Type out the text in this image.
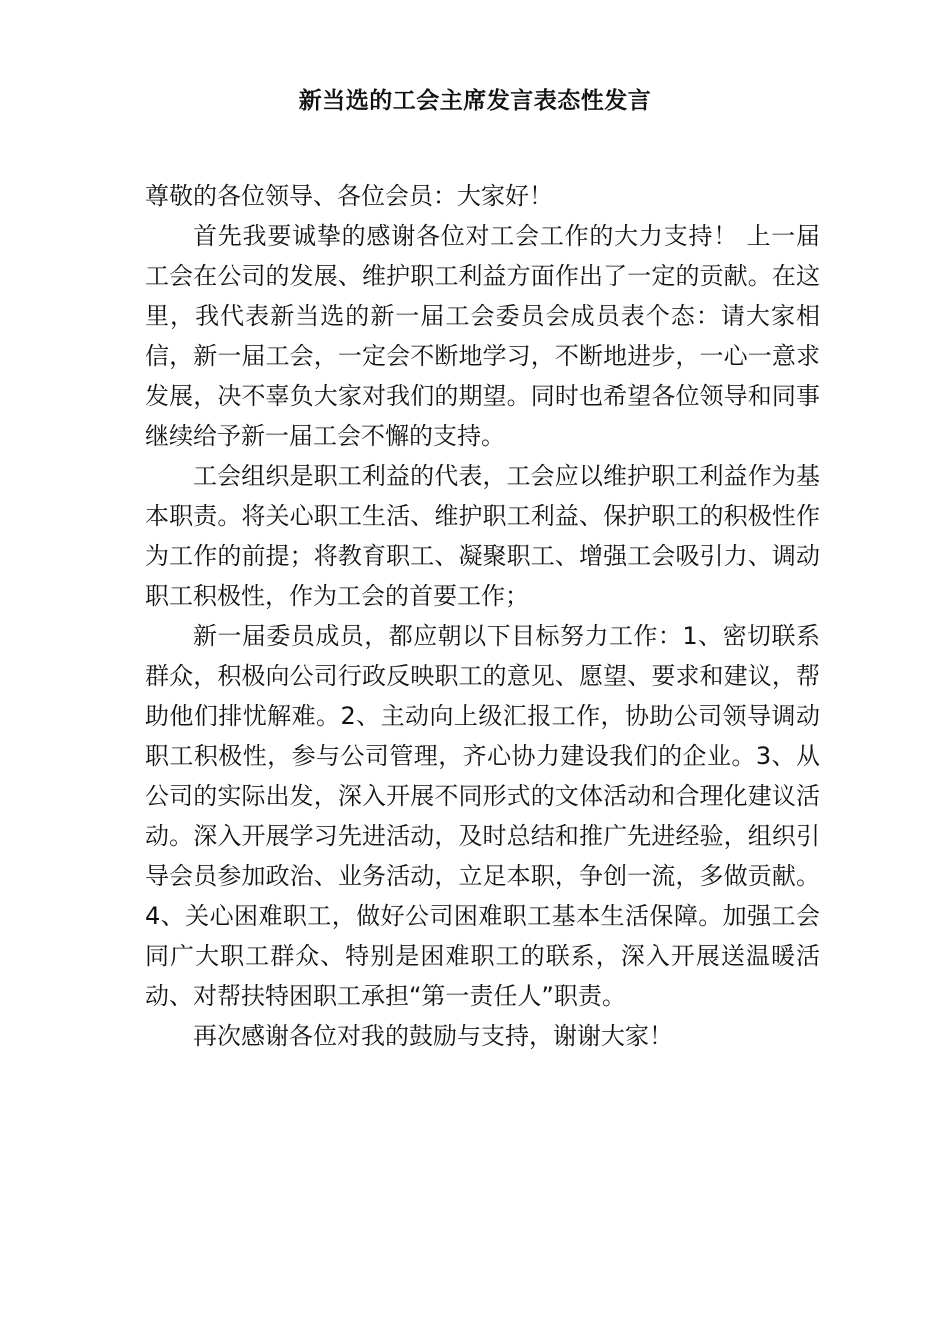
新当选的工会主席发言表态性发言

尊敬的各位领导、各位会员：大家好！

首先我要诚挚的感谢各位对工会工作的大力支持！ 上一届工会在公司的发展、维护职工利益方面作出了一定的贡献。在这里，我代表新当选的新一届工会委员会成员表个态：请大家相信，新一届工会，一定会不断地学习，不断地进步，一心一意求发展，决不辜负大家对我们的期望。同时也希望各位领导和同事继续给予新一届工会不懈的支持。

工会组织是职工利益的代表，工会应以维护职工利益作为基本职责。将关心职工生活、维护职工利益、保护职工的积极性作为工作的前提；将教育职工、凝聚职工、增强工会吸引力、调动职工积极性，作为工会的首要工作；

新一届委员成员，都应朝以下目标努力工作：1、密切联系群众，积极向公司行政反映职工的意见、愿望、要求和建议，帮助他们排忧解难。2、主动向上级汇报工作，协助公司领导调动职工积极性，参与公司管理，齐心协力建设我们的企业。3、从公司的实际出发，深入开展不同形式的文体活动和合理化建议活动。深入开展学习先进活动，及时总结和推广先进经验，组织引导会员参加政治、业务活动，立足本职，争创一流，多做贡献。4、关心困难职工，做好公司困难职工基本生活保障。加强工会同广大职工群众、特别是困难职工的联系，深入开展送温暖活动、对帮扶特困职工承担“第一责任人”职责。

再次感谢各位对我的鼓励与支持，谢谢大家！
